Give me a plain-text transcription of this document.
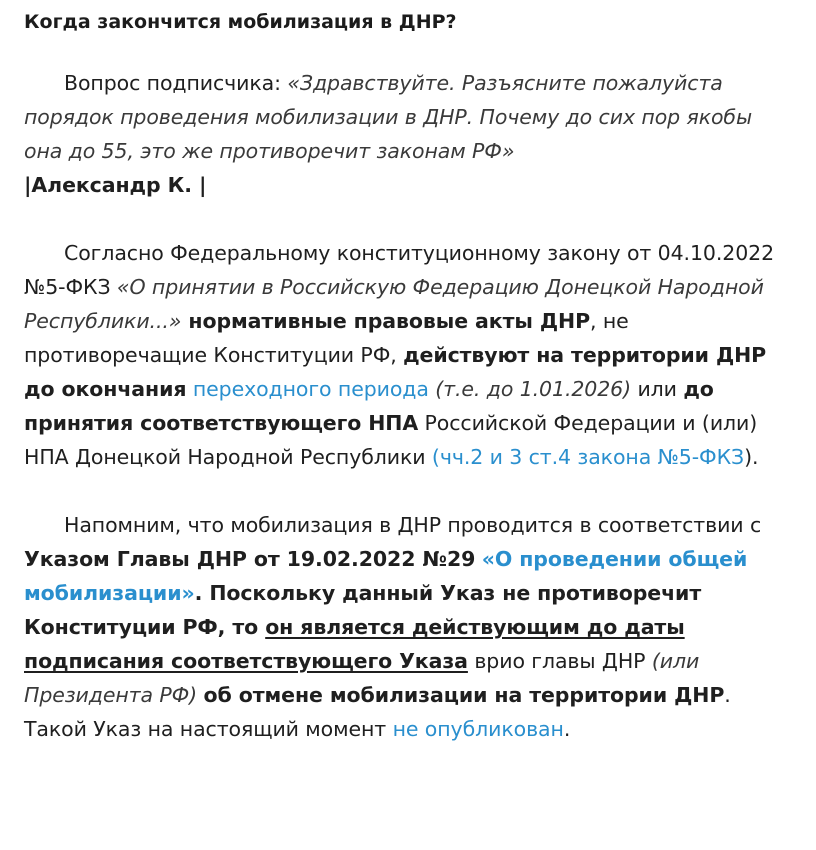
Когда закончится мобилизация в ДНР?

Вопрос подписчика: «Здравствуйте. Разъясните пожалуйста порядок проведения мобилизации в ДНР. Почему до сих пор якобы она до 55, это же противоречит законам РФ»
|Александр К. |

Согласно Федеральному конституционному закону от 04.10.2022 №5-ФКЗ «О принятии в Российскую Федерацию Донецкой Народной Республики...» нормативные правовые акты ДНР, не противоречащие Конституции РФ, действуют на территории ДНР до окончания переходного периода (т.е. до 1.01.2026) или до принятия соответствующего НПА Российской Федерации и (или) НПА Донецкой Народной Республики (чч.2 и 3 ст.4 закона №5-ФКЗ).

Напомним, что мобилизация в ДНР проводится в соответствии с Указом Главы ДНР от 19.02.2022 №29 «О проведении общей мобилизации». Поскольку данный Указ не противоречит Конституции РФ, то он является действующим до даты подписания соответствующего Указа врио главы ДНР (или Президента РФ) об отмене мобилизации на территории ДНР. Такой Указ на настоящий момент не опубликован.
